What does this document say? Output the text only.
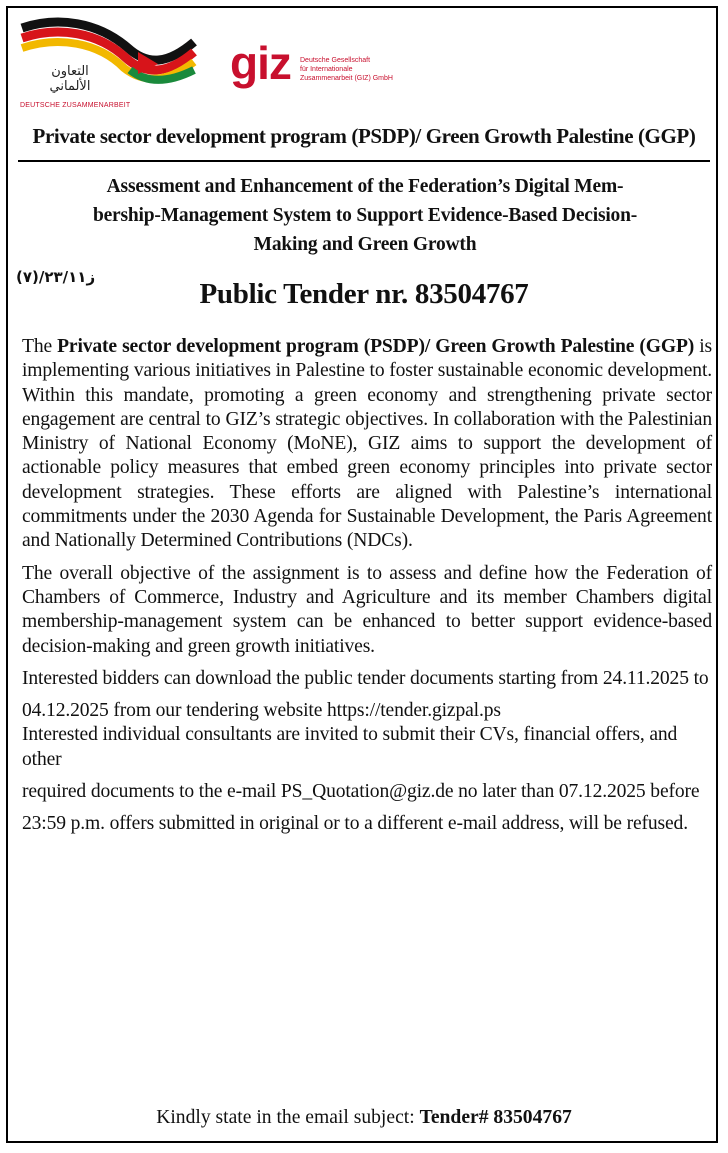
التعاون
الألماني
DEUTSCHE ZUSAMMENARBEIT
giz Deutsche Gesellschaft
für Internationale
Zusammenarbeit (GIZ) GmbH
Private sector development program (PSDP)/ Green Growth Palestine (GGP)
Assessment and Enhancement of the Federation’s Digital Mem-
bership-Management System to Support Evidence-Based Decision-
Making and Green Growth
ز٢٣/١١/(٧)
Public Tender nr. 83504767

The Private sector development program (PSDP)/ Green Growth Palestine (GGP) is implementing various initiatives in Palestine to foster sustainable economic development. Within this mandate, promoting a green economy and strengthening private sector engagement are central to GIZ’s strategic objectives. In collaboration with the Palestinian Ministry of National Economy (MoNE), GIZ aims to support the development of actionable policy measures that embed green economy principles into private sector development strategies. These efforts are aligned with Palestine’s international commitments under the 2030 Agenda for Sustainable Development, the Paris Agreement and Nationally Determined Contributions (NDCs).

The overall objective of the assignment is to assess and define how the Federation of Chambers of Commerce, Industry and Agriculture and its member Chambers digital membership-management system can be enhanced to better support evidence-based decision-making and green growth initiatives.

Interested bidders can download the public tender documents starting from 24.11.2025 to

04.12.2025 from our tendering website https://tender.gizpal.ps
Interested individual consultants are invited to submit their CVs, financial offers, and other

required documents to the e-mail PS_Quotation@giz.de no later than 07.12.2025 before

23:59 p.m. offers submitted in original or to a different e-mail address, will be refused.

Kindly state in the email subject: Tender# 83504767
